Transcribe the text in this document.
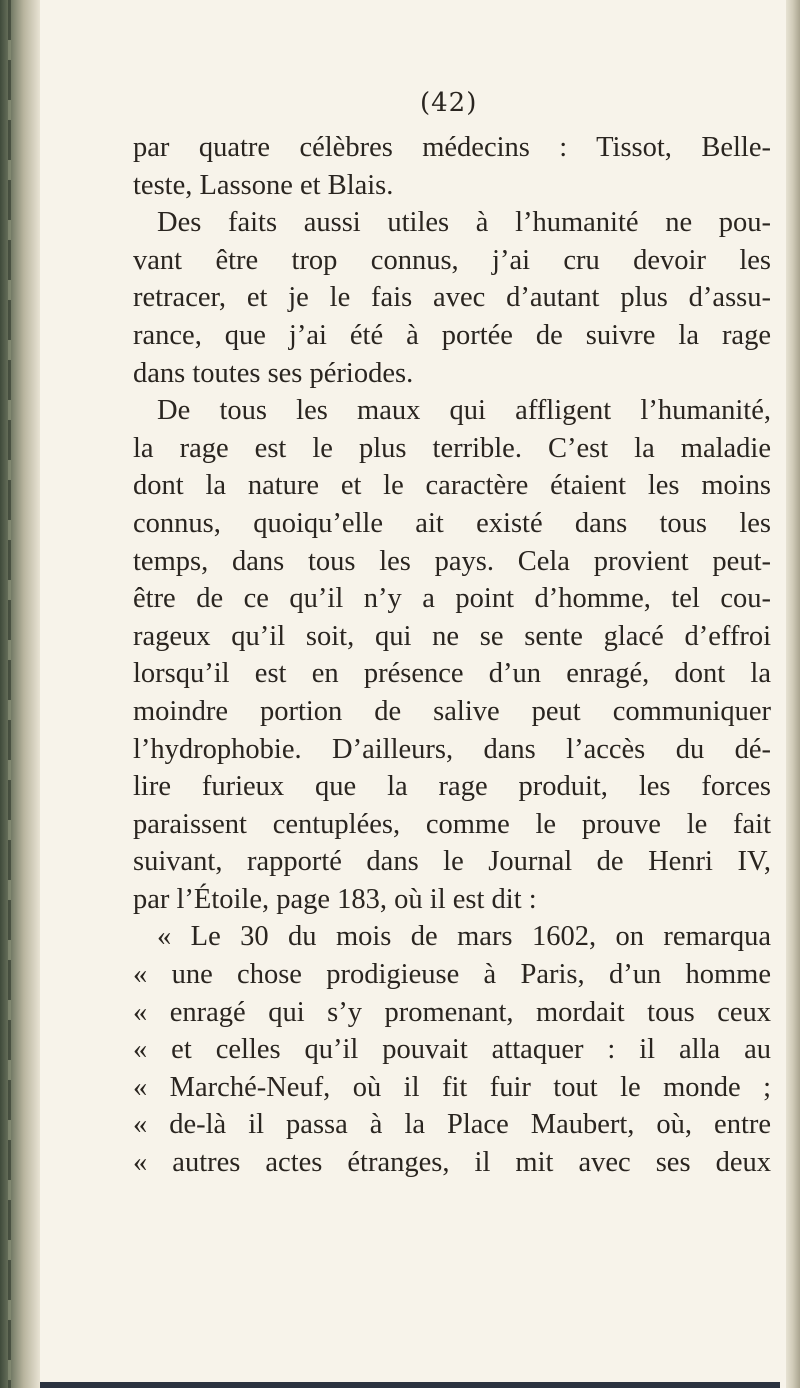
(42)
par quatre célèbres médecins : Tissot, Belle-
teste, Lassone et Blais.
Des faits aussi utiles à l’humanité ne pou-
vant être trop connus, j’ai cru devoir les
retracer, et je le fais avec d’autant plus d’assu-
rance, que j’ai été à portée de suivre la rage
dans toutes ses périodes.
De tous les maux qui affligent l’humanité,
la rage est le plus terrible. C’est la maladie
dont la nature et le caractère étaient les moins
connus, quoiqu’elle ait existé dans tous les
temps, dans tous les pays. Cela provient peut-
être de ce qu’il n’y a point d’homme, tel cou-
rageux qu’il soit, qui ne se sente glacé d’effroi
lorsqu’il est en présence d’un enragé, dont la
moindre portion de salive peut communiquer
l’hydrophobie. D’ailleurs, dans l’accès du dé-
lire furieux que la rage produit, les forces
paraissent centuplées, comme le prouve le fait
suivant, rapporté dans le Journal de Henri IV,
par l’Étoile, page 183, où il est dit :
« Le 30 du mois de mars 1602, on remarqua
« une chose prodigieuse à Paris, d’un homme
« enragé qui s’y promenant, mordait tous ceux
« et celles qu’il pouvait attaquer : il alla au
« Marché-Neuf, où il fit fuir tout le monde ;
« de-là il passa à la Place Maubert, où, entre
« autres actes étranges, il mit avec ses deux
